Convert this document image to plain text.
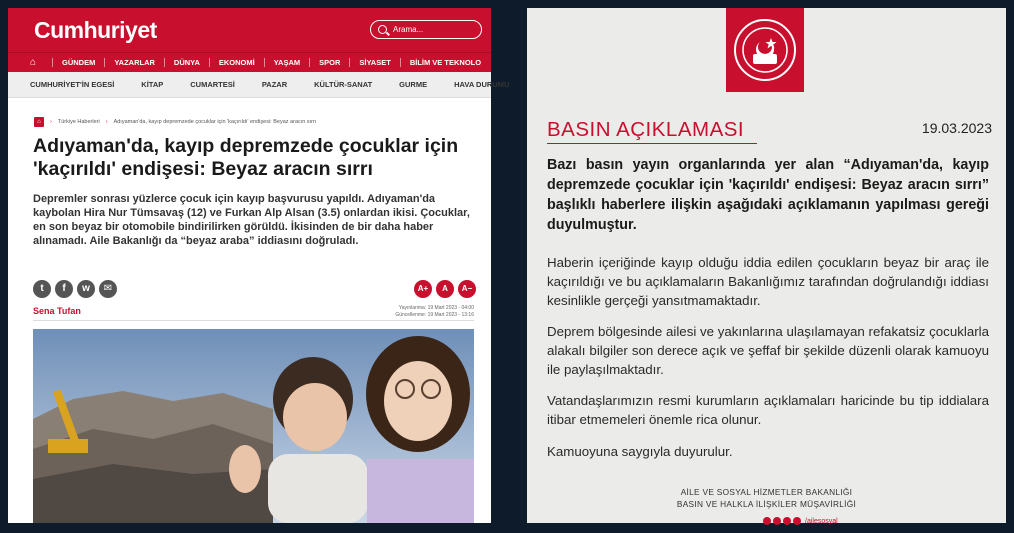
Cumhuriyet	Arama...
⌂	GÜNDEM	YAZARLAR	DÜNYA	EKONOMİ	YAŞAM	SPOR	SİYASET	BİLİM VE TEKNOLO
CUMHURİYET'İN EGESİ	KİTAP	CUMARTESİ	PAZAR	KÜLTÜR-SANAT	GURME	HAVA DURUMU
⌂	› Türkiye Haberleri › Adıyaman'da, kayıp depremzede çocuklar için 'kaçırıldı' endişesi: Beyaz aracın sırrı
Adıyaman'da, kayıp depremzede çocuklar için 'kaçırıldı' endişesi: Beyaz aracın sırrı

Depremler sonrası yüzlerce çocuk için kayıp başvurusu yapıldı. Adıyaman'da kaybolan Hira Nur Tümsavaş (12) ve Furkan Alp Alsan (3.5) onlardan ikisi. Çocuklar, en son beyaz bir otomobile bindirilirken görüldü. İkisinden de bir daha haber alınamadı. Aile Bakanlığı da “beyaz araba” iddiasını doğruladı.

t	f	w	✉	A+	A	A−
Sena Tufan	Yayınlanma: 19 Mart 2023 - 04:00
Güncellenme: 19 Mart 2023 - 13:16
BASIN AÇIKLAMASI	19.03.2023

Bazı basın yayın organlarında yer alan “Adıyaman'da, kayıp depremzede çocuklar için 'kaçırıldı' endişesi: Beyaz aracın sırrı” başlıklı haberlere ilişkin aşağıdaki açıklamanın yapılması gereği duyulmuştur.

Haberin içeriğinde kayıp olduğu iddia edilen çocukların beyaz bir araç ile kaçırıldığı ve bu açıklamaların Bakanlığımız tarafından doğrulandığı iddiası kesinlikle gerçeği yansıtmamaktadır.

Deprem bölgesinde ailesi ve yakınlarına ulaşılamayan refakatsiz çocuklarla alakalı bilgiler son derece açık ve şeffaf bir şekilde düzenli olarak kamuoyu ile paylaşılmaktadır.

Vatandaşlarımızın resmi kurumların açıklamaları haricinde bu tip iddialara itibar etmemeleri önemle rica olunur.

Kamuoyuna saygıyla duyurulur.

AİLE VE SOSYAL HİZMETLER BAKANLIĞI
BASIN VE HALKLA İLİŞKİLER MÜŞAVİRLİĞİ
/ailesosyal
